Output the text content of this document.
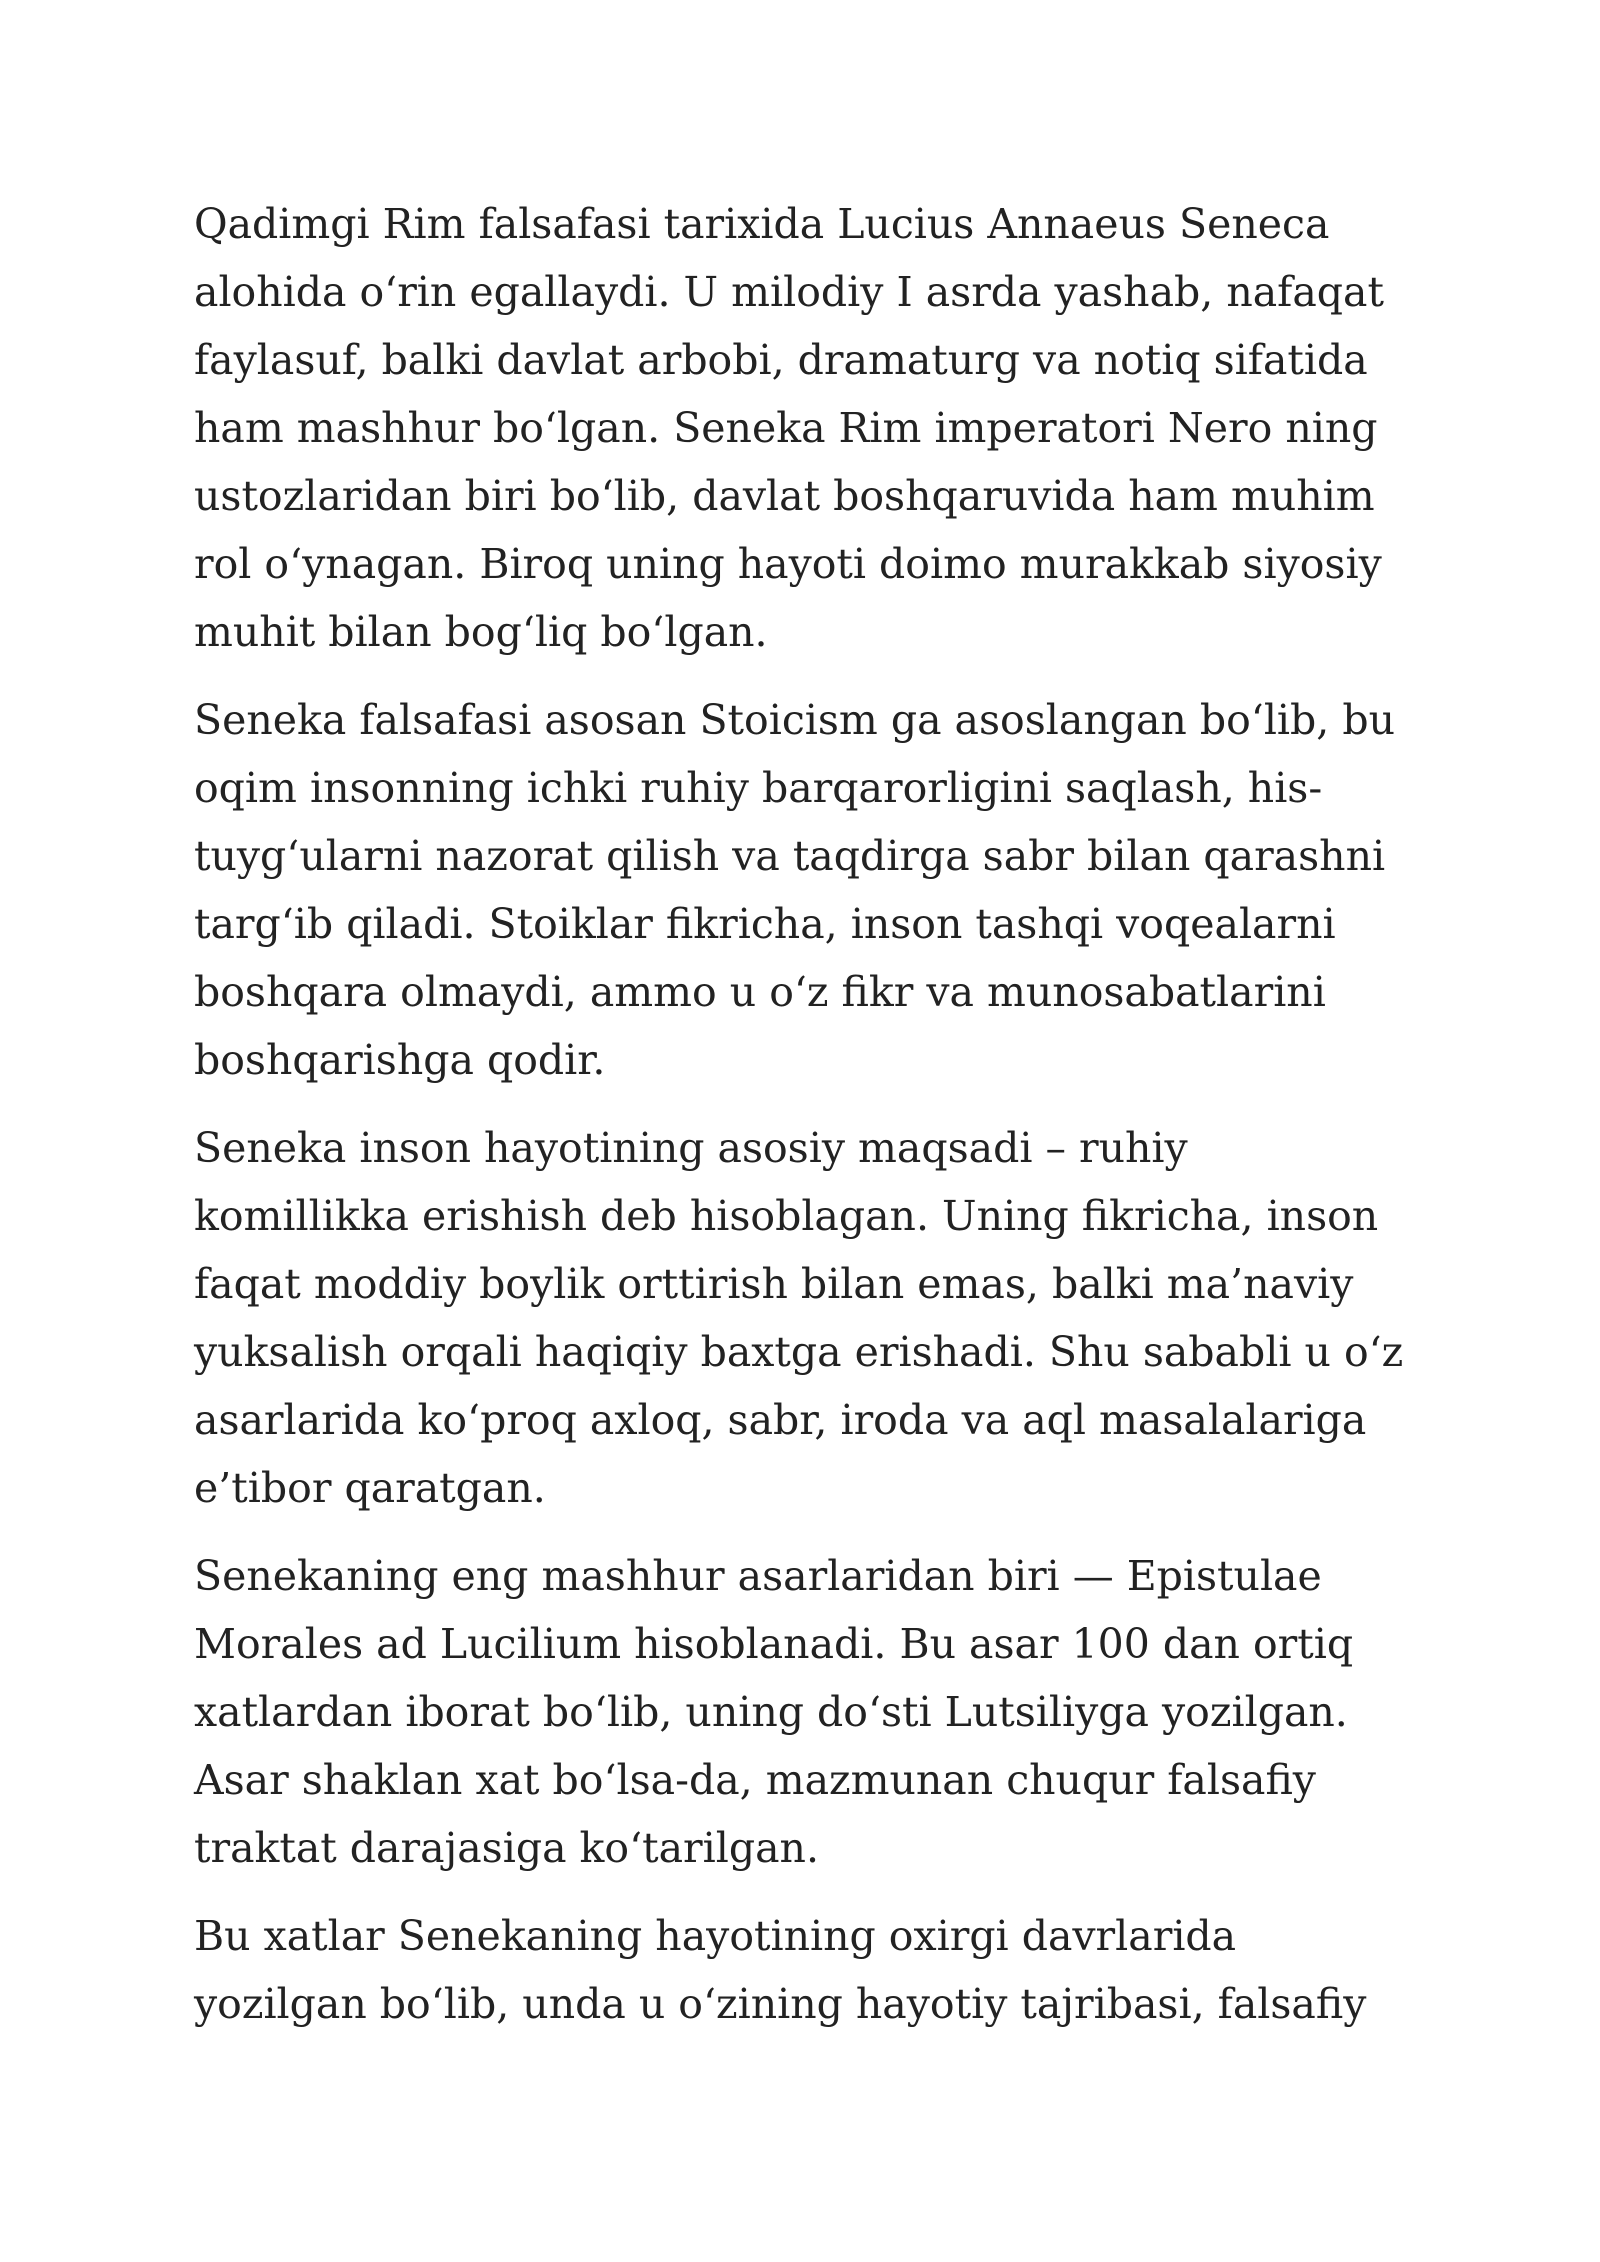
Qadimgi Rim falsafasi tarixida Lucius Annaeus Seneca
alohida o‘rin egallaydi. U milodiy I asrda yashab, nafaqat
faylasuf, balki davlat arbobi, dramaturg va notiq sifatida
ham mashhur bo‘lgan. Seneka Rim imperatori Nero ning
ustozlaridan biri bo‘lib, davlat boshqaruvida ham muhim
rol o‘ynagan. Biroq uning hayoti doimo murakkab siyosiy
muhit bilan bog‘liq bo‘lgan.

Seneka falsafasi asosan Stoicism ga asoslangan bo‘lib, bu
oqim insonning ichki ruhiy barqarorligini saqlash, his-
tuyg‘ularni nazorat qilish va taqdirga sabr bilan qarashni
targ‘ib qiladi. Stoiklar fikricha, inson tashqi voqealarni
boshqara olmaydi, ammo u o‘z fikr va munosabatlarini
boshqarishga qodir.

Seneka inson hayotining asosiy maqsadi – ruhiy
komillikka erishish deb hisoblagan. Uning fikricha, inson
faqat moddiy boylik orttirish bilan emas, balki ma’naviy
yuksalish orqali haqiqiy baxtga erishadi. Shu sababli u o‘z
asarlarida ko‘proq axloq, sabr, iroda va aql masalalariga
e’tibor qaratgan.

Senekaning eng mashhur asarlaridan biri — Epistulae
Morales ad Lucilium hisoblanadi. Bu asar 100 dan ortiq
xatlardan iborat bo‘lib, uning do‘sti Lutsiliyga yozilgan.
Asar shaklan xat bo‘lsa-da, mazmunan chuqur falsafiy
traktat darajasiga ko‘tarilgan.

Bu xatlar Senekaning hayotining oxirgi davrlarida
yozilgan bo‘lib, unda u o‘zining hayotiy tajribasi, falsafiy
